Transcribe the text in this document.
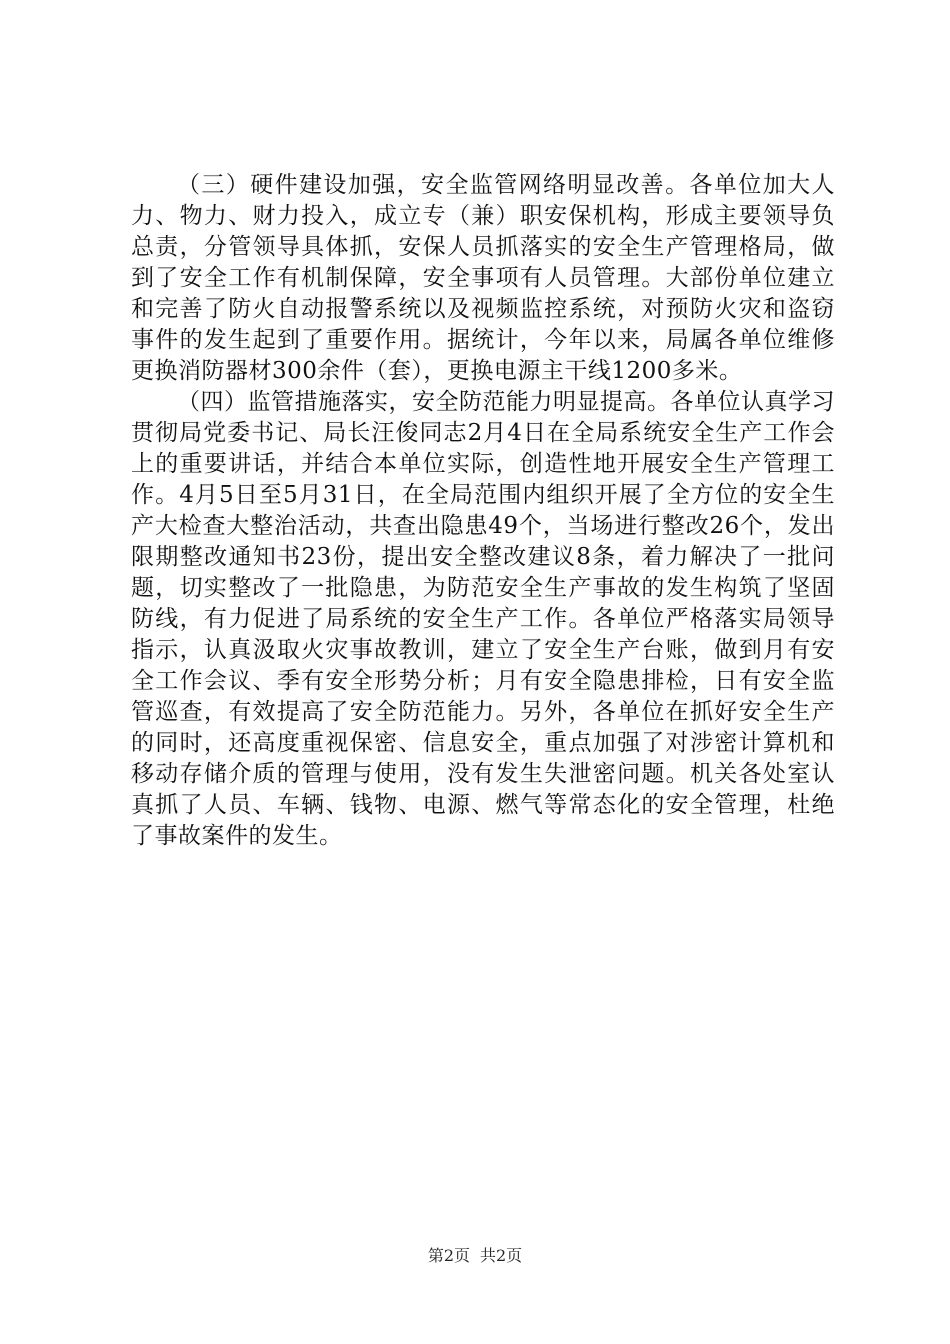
（三）硬件建设加强，安全监管网络明显改善。各单位加大人力、物力、财力投入，成立专（兼）职安保机构，形成主要领导负总责，分管领导具体抓，安保人员抓落实的安全生产管理格局，做到了安全工作有机制保障，安全事项有人员管理。大部份单位建立和完善了防火自动报警系统以及视频监控系统，对预防火灾和盗窃事件的发生起到了重要作用。据统计，今年以来，局属各单位维修更换消防器材300余件（套），更换电源主干线1200多米。

（四）监管措施落实，安全防范能力明显提高。各单位认真学习贯彻局党委书记、局长汪俊同志2月4日在全局系统安全生产工作会上的重要讲话，并结合本单位实际，创造性地开展安全生产管理工作。4月5日至5月31日，在全局范围内组织开展了全方位的安全生产大检查大整治活动，共查出隐患49个，当场进行整改26个，发出限期整改通知书23份，提出安全整改建议8条，着力解决了一批问题，切实整改了一批隐患，为防范安全生产事故的发生构筑了坚固防线，有力促进了局系统的安全生产工作。各单位严格落实局领导指示，认真汲取火灾事故教训，建立了安全生产台账，做到月有安全工作会议、季有安全形势分析；月有安全隐患排检，日有安全监管巡查，有效提高了安全防范能力。另外，各单位在抓好安全生产的同时，还高度重视保密、信息安全，重点加强了对涉密计算机和移动存储介质的管理与使用，没有发生失泄密问题。机关各处室认真抓了人员、车辆、钱物、电源、燃气等常态化的安全管理，杜绝了事故案件的发生。

第2页 共2页
